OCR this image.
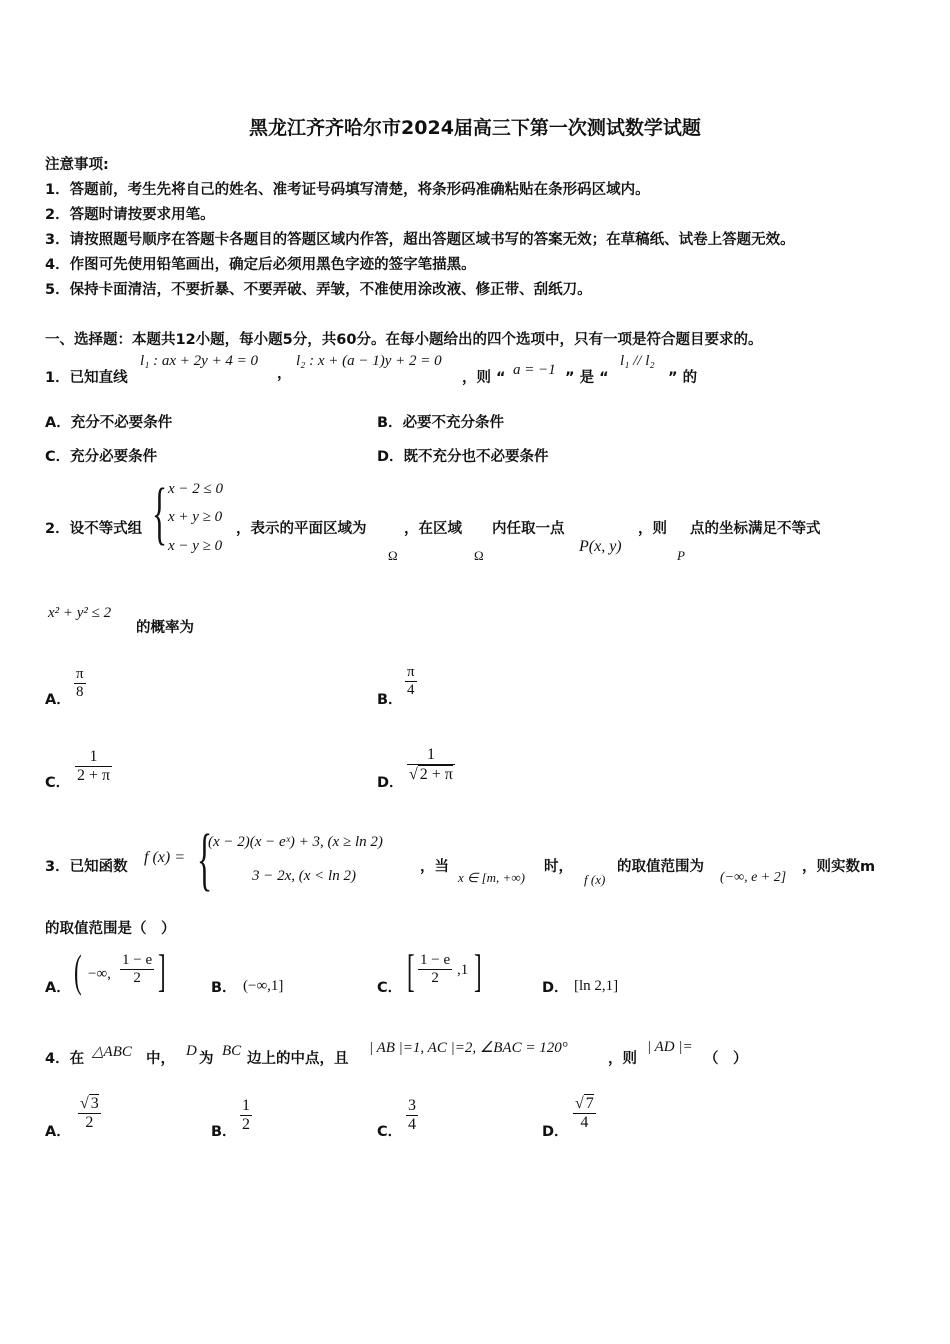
黑龙江齐齐哈尔市2024届高三下第一次测试数学试题
注意事项:
1．答题前，考生先将自己的姓名、准考证号码填写清楚，将条形码准确粘贴在条形码区域内。
2．答题时请按要求用笔。
3．请按照题号顺序在答题卡各题目的答题区域内作答，超出答题区域书写的答案无效；在草稿纸、试卷上答题无效。
4．作图可先使用铅笔画出，确定后必须用黑色字迹的签字笔描黑。
5．保持卡面清洁，不要折暴、不要弄破、弄皱，不准使用涂改液、修正带、刮纸刀。
一、选择题：本题共12小题，每小题5分，共60分。在每小题给出的四个选项中，只有一项是符合题目要求的。
1．已知直线
l₁ : ax + 2y + 4 = 0
，
l₂ : x + (a − 1)y + 2 = 0
，则 “ a = −1 ” 是 “
l₁ // l₂
” 的
A．充分不必要条件	B．必要不充分条件
C．充分必要条件	D．既不充分也不必要条件
2．设不等式组 { x − 2 ≤ 0
x + y ≥ 0
x − y ≥ 0
，表示的平面区域为
Ω
，在区域
Ω
内任取一点
P(x, y)
，则
P
点的坐标满足不等式
x² + y² ≤ 2
的概率为
A．
π
8	B．
π
4
C．
1
2 + π	D．
1
√ 2 + π
3．已知函数
f (x) = {
(x − 2)(x − eˣ) + 3, (x ≥ ln 2)
3 − 2x, (x < ln 2)
，当
x ∈ [m, +∞)
时，
f (x)
的取值范围为
(−∞, e + 2]
，则实数m
的取值范围是（　）
A． ( −∞,
1 − e
2 ]	B． (−∞,1]	C． [ 1 − e
2 ,1 ]	D． [ln 2,1]
4．在 △ABC 中， D 为 BC 边上的中点，且
| AB |=1, AC |=2, ∠BAC = 120°
，则
| AD |=
（　）
A．
√ 3
2
B．
1
2	C．
3
4	D．
√ 7
4
